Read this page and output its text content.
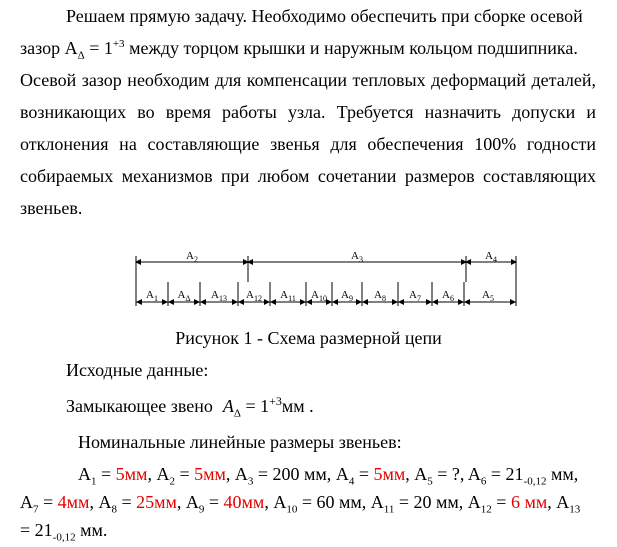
Решаем прямую задачу. Необходимо обеспечить при сборке осевой
зазор $A_\Delta = 1^{+3}$ между торцом крышки и наружным кольцом подшипника.
Осевой зазор необходим для компенсации тепловых деформаций деталей, возникающих во время работы узла. Требуется назначить допуски и отклонения на составляющие звенья для обеспечения 100% годности собираемых механизмов при любом сочетании размеров составляющих звеньев.
$A_2$	$A_3$	$A_4$
$A_1$ $A_\Delta$ $A_{13}$ $A_{12}$ $A_{11}$ $A_{10}$ $A_9$ $A_8$ $A_7$ $A_6$	$A_5$
Рисунок 1 - Схема размерной цепи
Исходные данные:
Замыкающее звено $A_\Delta = 1^{+3}мм$ .
Номинальные линейные размеры звеньев:
$A_1 = 5мм$, $A_2 = 5мм$, $A_3 = 200$ мм, $A_4 = 5мм$, $A_5$ = ?, $A_6 = 21_{-0,12}$ мм,
$A_7 = 4мм$, $A_8 = 25мм$, $A_9 = 40мм$, $A_{10} = 60$ мм, $A_{11} = 20$ мм, $A_{12} = 6$ мм, $A_{13}$
= $21_{-0,12}$ мм.
